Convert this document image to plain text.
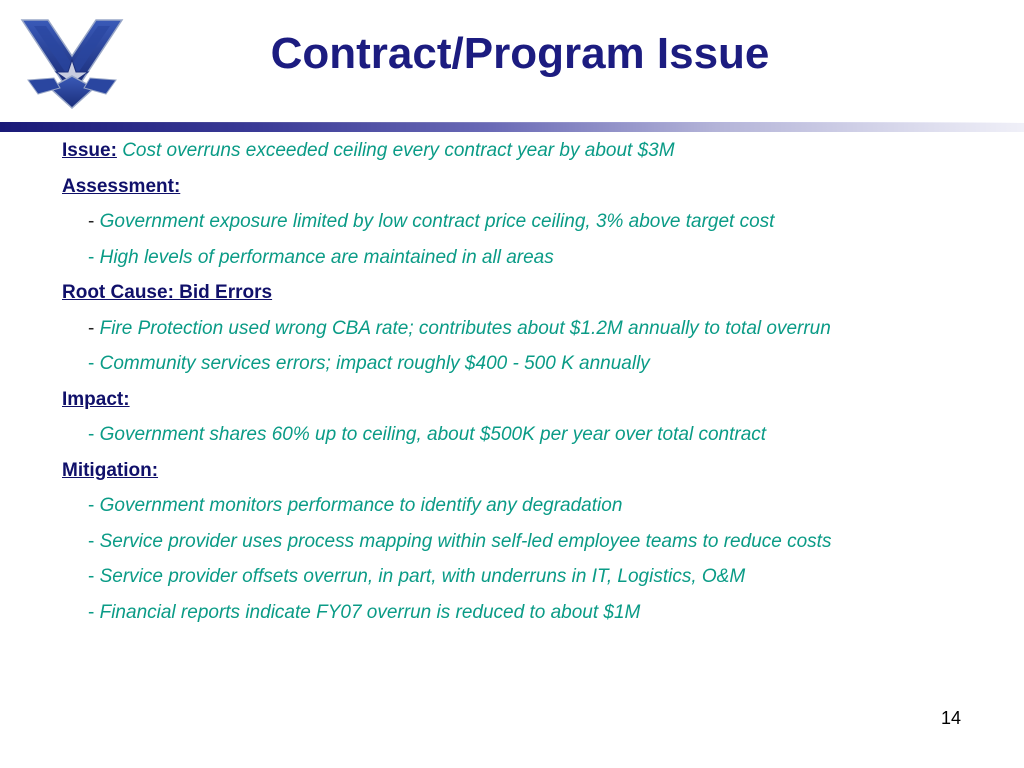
Contract/Program Issue
Issue: Cost overruns exceeded ceiling every contract year by about $3M
Assessment:
- Government exposure limited by low contract price ceiling, 3% above target cost
- High levels of performance are maintained in all areas
Root Cause: Bid Errors
- Fire Protection used wrong CBA rate; contributes about $1.2M annually to total overrun
- Community services errors; impact roughly $400 - 500 K annually
Impact:
- Government shares 60% up to ceiling, about $500K per year over total contract
Mitigation:
- Government monitors performance to identify any degradation
- Service provider uses process mapping within self-led employee teams to reduce costs
- Service provider offsets overrun, in part, with underruns in IT, Logistics, O&M
- Financial reports indicate FY07 overrun is reduced to about $1M
14
